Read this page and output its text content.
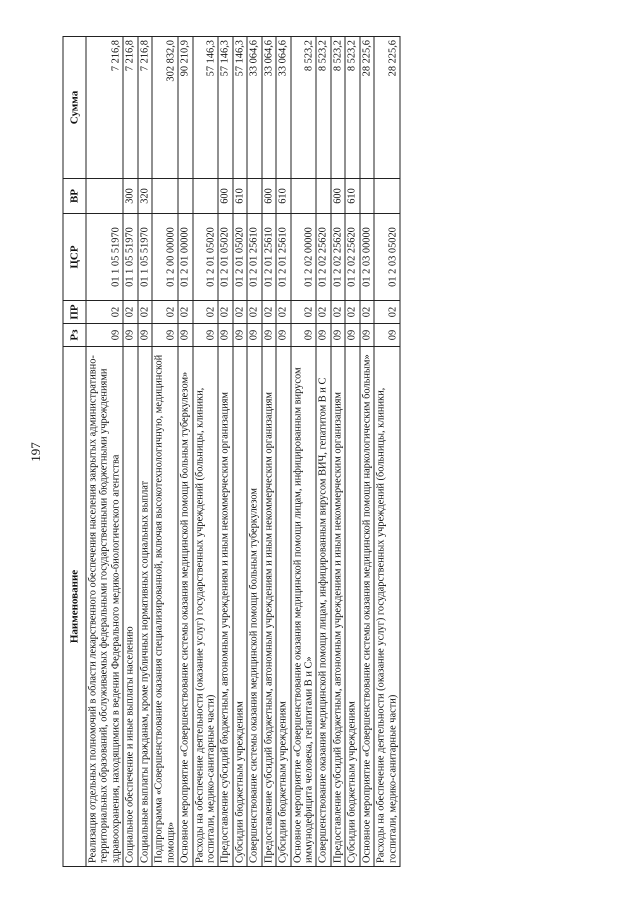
197
Наименование	Рз	ПР	ЦСР	ВР	Сумма
Реализация отдельных полномочий в области лекарственного обеспечения населения закрытых административно-территориальных образований, обслуживаемых федеральными государственными бюджетными учреждениями здравоохранения, находящимися в ведении Федерального медико-биологического агентства	09	02	01 1 05 51970		7 216,8
Социальное обеспечение и иные выплаты населению	09	02	01 1 05 51970	300	7 216,8
Социальные выплаты гражданам, кроме публичных нормативных социальных выплат	09	02	01 1 05 51970	320	7 216,8
Подпрограмма «Совершенствование оказания специализированной, включая высокотехнологичную, медицинской помощи»	09	02	01 2 00 00000		302 832,0
Основное мероприятие «Совершенствование системы оказания медицинской помощи больным туберкулезом»	09	02	01 2 01 00000		90 210,9
Расходы на обеспечение деятельности (оказание услуг) государственных учреждений (больницы, клиники, госпитали, медико-санитарные части)	09	02	01 2 01 05020		57 146,3
Предоставление субсидий бюджетным, автономным учреждениям и иным некоммерческим организациям	09	02	01 2 01 05020	600	57 146,3
Субсидии бюджетным учреждениям	09	02	01 2 01 05020	610	57 146,3
Совершенствование системы оказания медицинской помощи больным туберкулезом	09	02	01 2 01 25610		33 064,6
Предоставление субсидий бюджетным, автономным учреждениям и иным некоммерческим организациям	09	02	01 2 01 25610	600	33 064,6
Субсидии бюджетным учреждениям	09	02	01 2 01 25610	610	33 064,6
Основное мероприятие «Совершенствование оказания медицинской помощи лицам, инфицированным вирусом иммунодефицита человека, гепатитами В и С»	09	02	01 2 02 00000		8 523,2
Совершенствование оказания медицинской помощи лицам, инфицированным вирусом ВИЧ, гепатитом В и С	09	02	01 2 02 25620		8 523,2
Предоставление субсидий бюджетным, автономным учреждениям и иным некоммерческим организациям	09	02	01 2 02 25620	600	8 523,2
Субсидии бюджетным учреждениям	09	02	01 2 02 25620	610	8 523,2
Основное мероприятие «Совершенствование системы оказания медицинской помощи наркологическим больным»	09	02	01 2 03 00000		28 225,6
Расходы на обеспечение деятельности (оказание услуг) государственных учреждений (больницы, клиники, госпитали, медико-санитарные части)	09	02	01 2 03 05020		28 225,6
